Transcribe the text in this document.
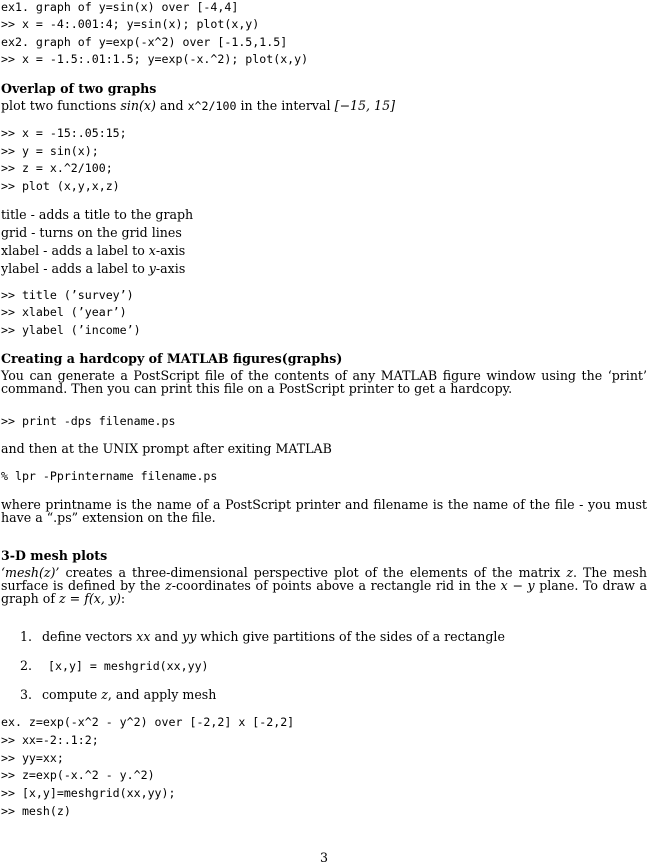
ex1. graph of y=sin(x) over [-4,4]
>> x = -4:.001:4; y=sin(x); plot(x,y)
ex2. graph of y=exp(-x^2) over [-1.5,1.5]
>> x = -1.5:.01:1.5; y=exp(-x.^2); plot(x,y)
Overlap of two graphs
plot two functions sin(x) and x^2/100 in the interval [−15, 15]
>> x = -15:.05:15;
>> y = sin(x);
>> z = x.^2/100;
>> plot (x,y,x,z)
title - adds a title to the graph
grid - turns on the grid lines
xlabel - adds a label to x-axis
ylabel - adds a label to y-axis
>> title (’survey’)
>> xlabel (’year’)
>> ylabel (’income’)
Creating a hardcopy of MATLAB figures(graphs)
You can generate a PostScript file of the contents of any MATLAB figure window using the ‘print’ command. Then you can print this file on a PostScript printer to get a hardcopy.
>> print -dps filename.ps
and then at the UNIX prompt after exiting MATLAB
% lpr -Pprintername filename.ps
where printname is the name of a PostScript printer and filename is the name of the file - you must have a “.ps” extension on the file.
3-D mesh plots
‘mesh(z)’ creates a three-dimensional perspective plot of the elements of the matrix z. The mesh surface is defined by the z-coordinates of points above a rectangle rid in the x − y plane. To draw a graph of z = f(x, y):
1. define vectors xx and yy which give partitions of the sides of a rectangle
2. [x,y] = meshgrid(xx,yy)
3. compute z, and apply mesh
ex. z=exp(-x^2 - y^2) over [-2,2] x [-2,2]
>> xx=-2:.1:2;
>> yy=xx;
>> z=exp(-x.^2 - y.^2)
>> [x,y]=meshgrid(xx,yy);
>> mesh(z)
3
